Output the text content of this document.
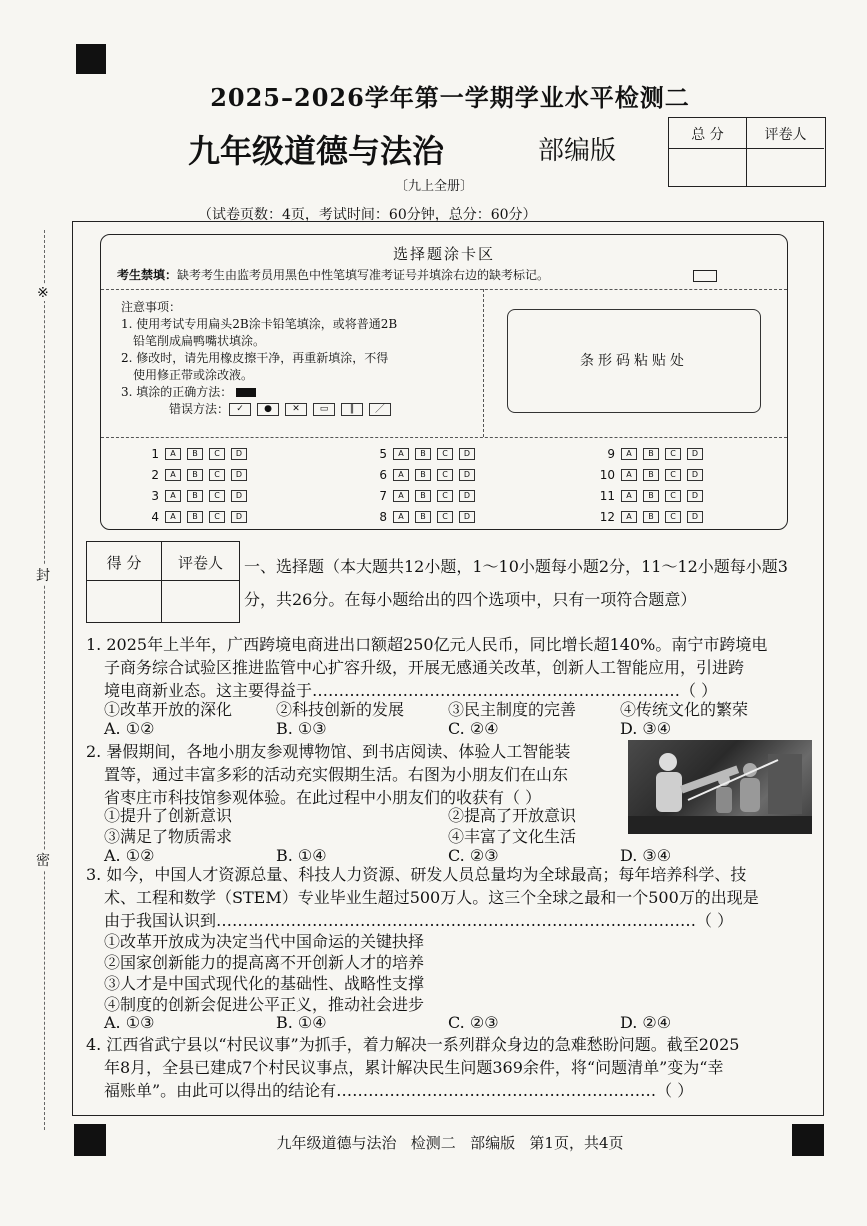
※
封
密
2025–2026学年第一学期学业水平检测二
九年级道德与法治	部编版
〔九上全册〕
（试卷页数：4页，考试时间：60分钟，总分：60分）
总 分	评卷人
选择题涂卡区
考生禁填：缺考考生由监考员用黑色中性笔填写准考证号并填涂右边的缺考标记。
注意事项：
1. 使用考试专用扁头2B涂卡铅笔填涂，或将普通2B
铅笔削成扁鸭嘴状填涂。
2. 修改时，请先用橡皮擦干净，再重新填涂，不得
使用修正带或涂改液。
3. 填涂的正确方法：
错误方法： ✓	●	✕	▭	‖	／
条形码粘贴处
1	A	B	C	D
2	A	B	C	D
3	A	B	C	D
4	A	B	C	D
5	A	B	C	D
6	A	B	C	D
7	A	B	C	D
8	A	B	C	D
9	A	B	C	D
10	A	B	C	D
11	A	B	C	D
12	A	B	C	D
得 分	评卷人	一、选择题（本大题共12小题，1～10小题每小题2分，11～12小题每小题3
分，共26分。在每小题给出的四个选项中，只有一项符合题意）
1. 2025年上半年，广西跨境电商进出口额超250亿元人民币，同比增长超140%。南宁市跨境电
子商务综合试验区推进监管中心扩容升级，开展无感通关改革，创新人工智能应用，引进跨
境电商新业态。这主要得益于……………………………………………………………（ ）
①改革开放的深化	②科技创新的发展	③民主制度的完善	④传统文化的繁荣
A. ①②	B. ①③	C. ②④	D. ③④
2. 暑假期间，各地小朋友参观博物馆、到书店阅读、体验人工智能装
置等，通过丰富多彩的活动充实假期生活。右图为小朋友们在山东
省枣庄市科技馆参观体验。在此过程中小朋友们的收获有（ ）
①提升了创新意识	②提高了开放意识
③满足了物质需求	④丰富了文化生活
A. ①②	B. ①④	C. ②③	D. ③④
3. 如今，中国人才资源总量、科技人力资源、研发人员总量均为全球最高；每年培养科学、技
术、工程和数学（STEM）专业毕业生超过500万人。这三个全球之最和一个500万的出现是
由于我国认识到………………………………………………………………………………（ ）
①改革开放成为决定当代中国命运的关键抉择
②国家创新能力的提高离不开创新人才的培养
③人才是中国式现代化的基础性、战略性支撑
④制度的创新会促进公平正义，推动社会进步
A. ①③	B. ①④	C. ②③	D. ②④
4. 江西省武宁县以“村民议事”为抓手，着力解决一系列群众身边的急难愁盼问题。截至2025
年8月，全县已建成7个村民议事点，累计解决民生问题369余件，将“问题清单”变为“幸
福账单”。由此可以得出的结论有……………………………………………………（ ）
九年级道德与法治   检测二   部编版   第1页，共4页
